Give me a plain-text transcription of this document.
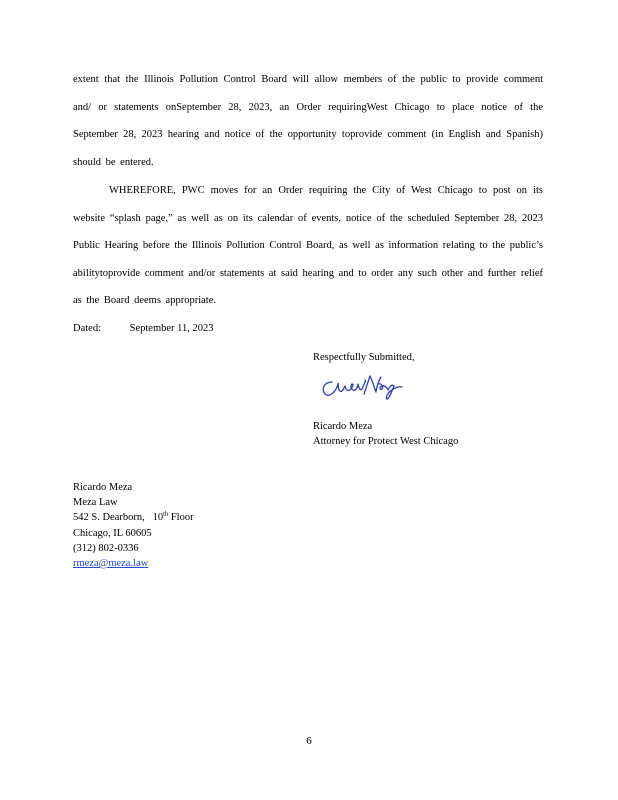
extent that the Illinois Pollution Control Board will allow members of the public to provide comment and/ or statements onSeptember 28, 2023, an Order requiringWest Chicago to place notice of the September 28, 2023 hearing and notice of the opportunity toprovide comment (in English and Spanish) should be entered.

WHEREFORE, PWC moves for an Order requiring the City of West Chicago to post on its website “splash page,” as well as on its calendar of events, notice of the scheduled September 28, 2023 Public Hearing before the Illinois Pollution Control Board, as well as information relating to the public’s abilitytoprovide comment and/or statements at said hearing and to order any such other and further relief as the Board deems appropriate.

Dated:	September 11, 2023
Respectfully Submitted,
Ricardo Meza
Attorney for Protect West Chicago
Ricardo Meza
Meza Law
542 S. Dearborn, 10th Floor
Chicago, IL 60605
(312) 802-0336
rmeza@meza.law
6
